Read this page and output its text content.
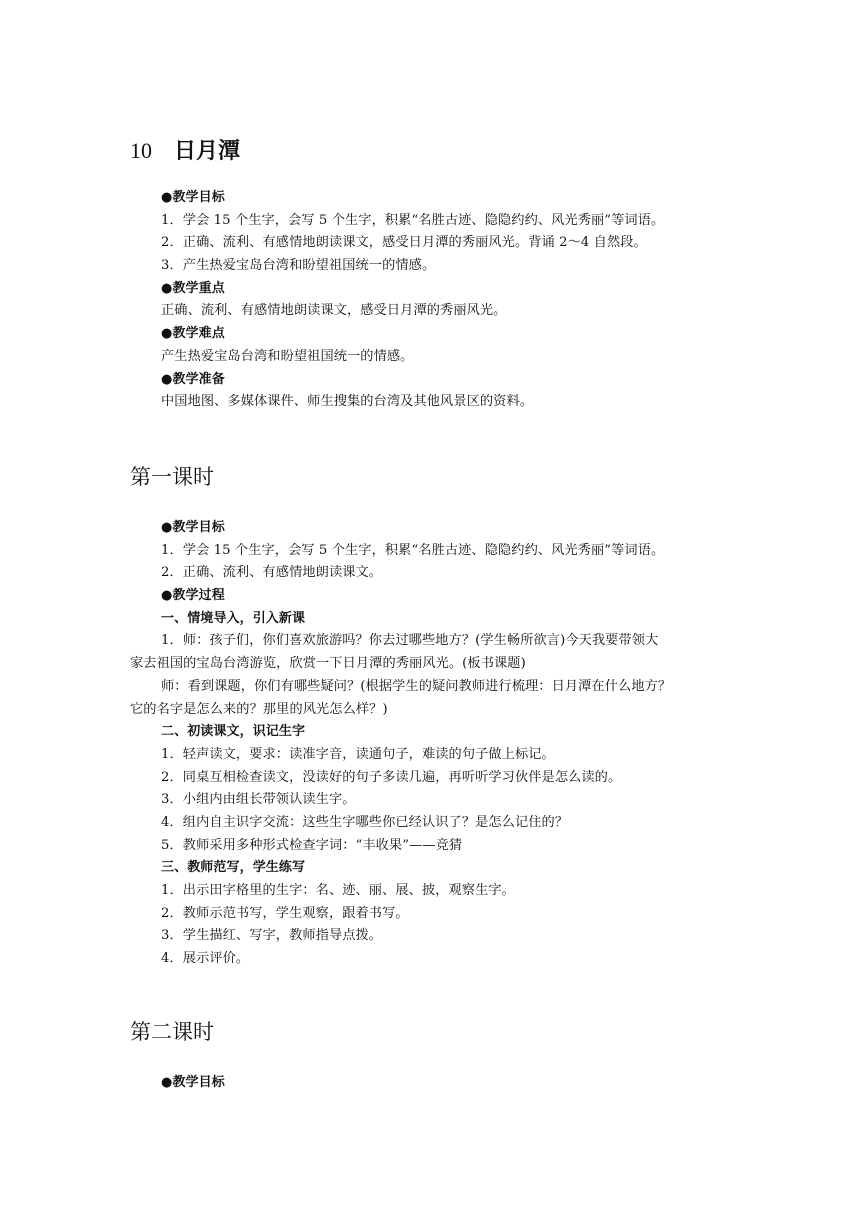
10 日月潭
●教学目标
1．学会 15 个生字，会写 5 个生字，积累“名胜古迹、隐隐约约、风光秀丽”等词语。
2．正确、流利、有感情地朗读课文，感受日月潭的秀丽风光。背诵 2～4 自然段。
3．产生热爱宝岛台湾和盼望祖国统一的情感。
●教学重点
正确、流利、有感情地朗读课文，感受日月潭的秀丽风光。
●教学难点
产生热爱宝岛台湾和盼望祖国统一的情感。
●教学准备
中国地图、多媒体课件、师生搜集的台湾及其他风景区的资料。
第一课时
●教学目标
1．学会 15 个生字，会写 5 个生字，积累“名胜古迹、隐隐约约、风光秀丽”等词语。
2．正确、流利、有感情地朗读课文。
●教学过程
一、情境导入，引入新课
1．师：孩子们，你们喜欢旅游吗？你去过哪些地方？(学生畅所欲言)今天我要带领大
家去祖国的宝岛台湾游览，欣赏一下日月潭的秀丽风光。(板书课题)
师：看到课题，你们有哪些疑问？(根据学生的疑问教师进行梳理：日月潭在什么地方？
它的名字是怎么来的？那里的风光怎么样？)
二、初读课文，识记生字
1．轻声读文，要求：读准字音，读通句子，难读的句子做上标记。
2．同桌互相检查读文，没读好的句子多读几遍，再听听学习伙伴是怎么读的。
3．小组内由组长带领认读生字。
4．组内自主识字交流：这些生字哪些你已经认识了？是怎么记住的？
5．教师采用多种形式检查字词：“丰收果”——竞猜
三、教师范写，学生练写
1．出示田字格里的生字：名、迹、丽、展、披，观察生字。
2．教师示范书写，学生观察，跟着书写。
3．学生描红、写字，教师指导点拨。
4．展示评价。
第二课时
●教学目标
